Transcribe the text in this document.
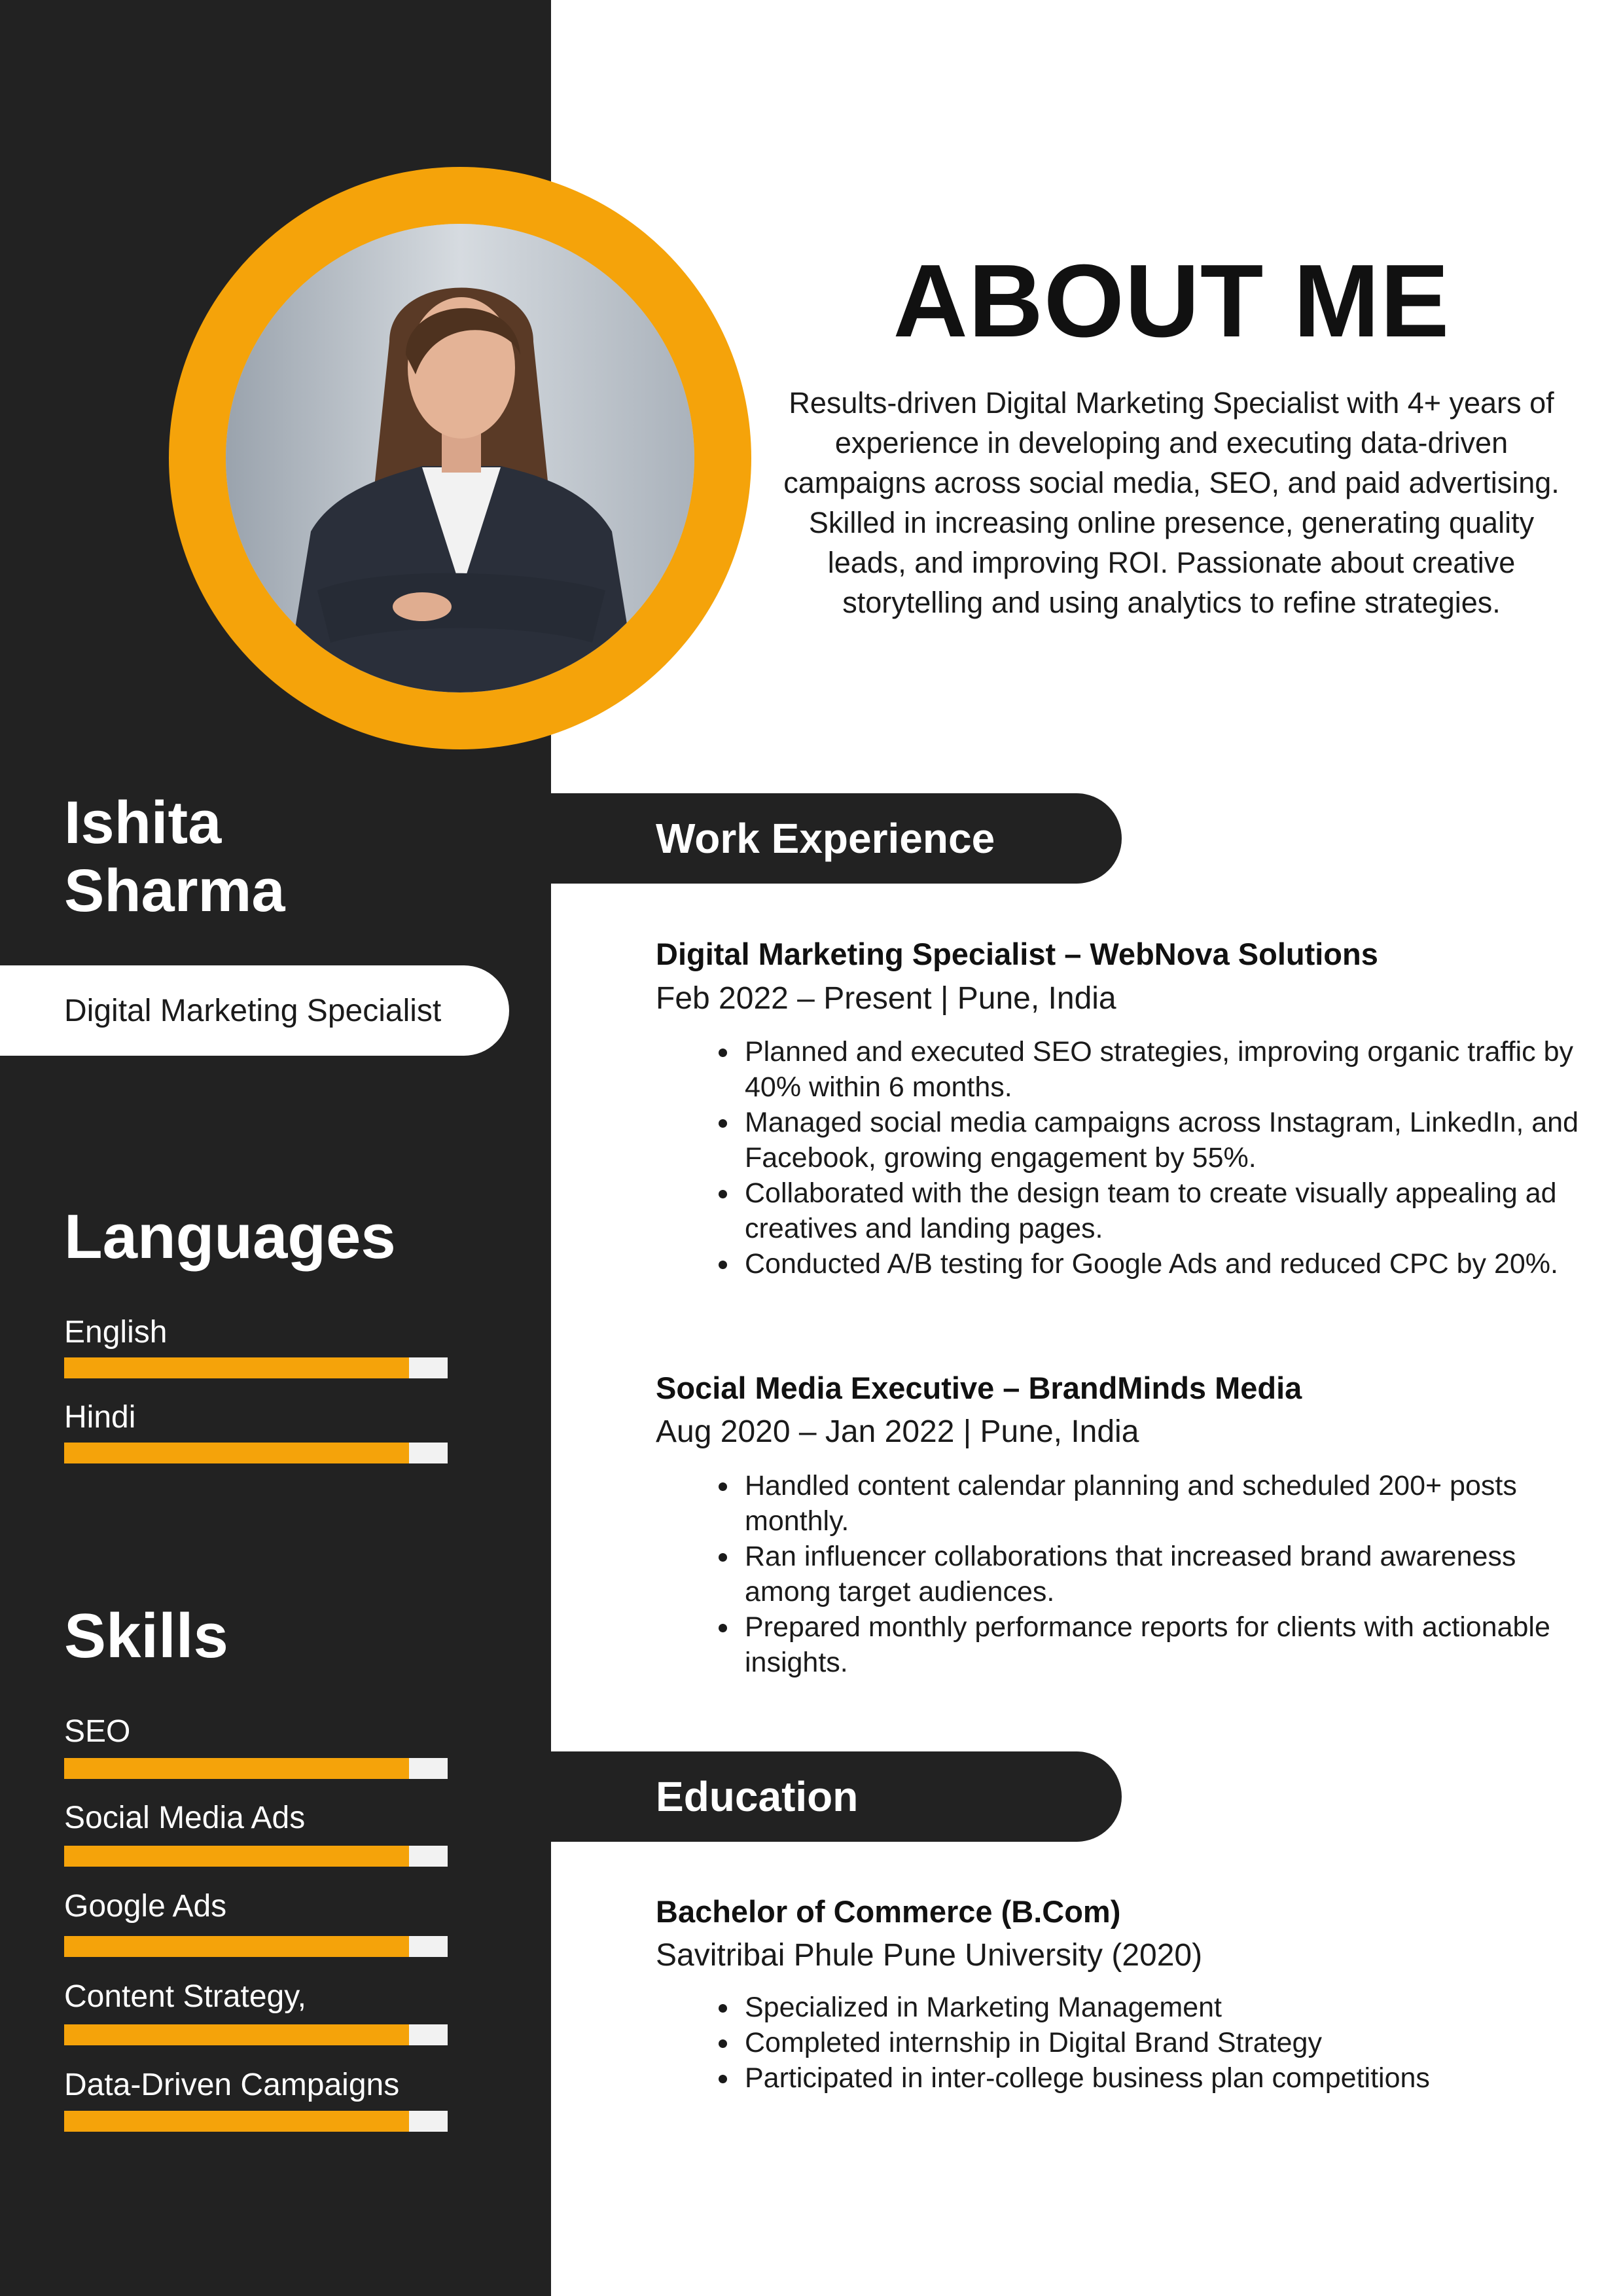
ABOUT ME
Results-driven Digital Marketing Specialist with 4+ years of experience in developing and executing data-driven campaigns across social media, SEO, and paid advertising. Skilled in increasing online presence, generating quality leads, and improving ROI. Passionate about creative storytelling and using analytics to refine strategies.
Ishita
Sharma
Digital Marketing Specialist
Languages
English
Hindi
Skills
SEO
Social Media Ads
Google Ads
Content Strategy,
Data-Driven Campaigns
Work Experience
Digital Marketing Specialist – WebNova Solutions
Feb 2022 – Present | Pune, India
Planned and executed SEO strategies, improving organic traffic by 40% within 6 months.
Managed social media campaigns across Instagram, LinkedIn, and Facebook, growing engagement by 55%.
Collaborated with the design team to create visually appealing ad creatives and landing pages.
Conducted A/B testing for Google Ads and reduced CPC by 20%.
Social Media Executive – BrandMinds Media
Aug 2020 – Jan 2022 | Pune, India
Handled content calendar planning and scheduled 200+ posts monthly.
Ran influencer collaborations that increased brand awareness among target audiences.
Prepared monthly performance reports for clients with actionable insights.
Education
Bachelor of Commerce (B.Com)
Savitribai Phule Pune University (2020)
Specialized in Marketing Management
Completed internship in Digital Brand Strategy
Participated in inter-college business plan competitions
